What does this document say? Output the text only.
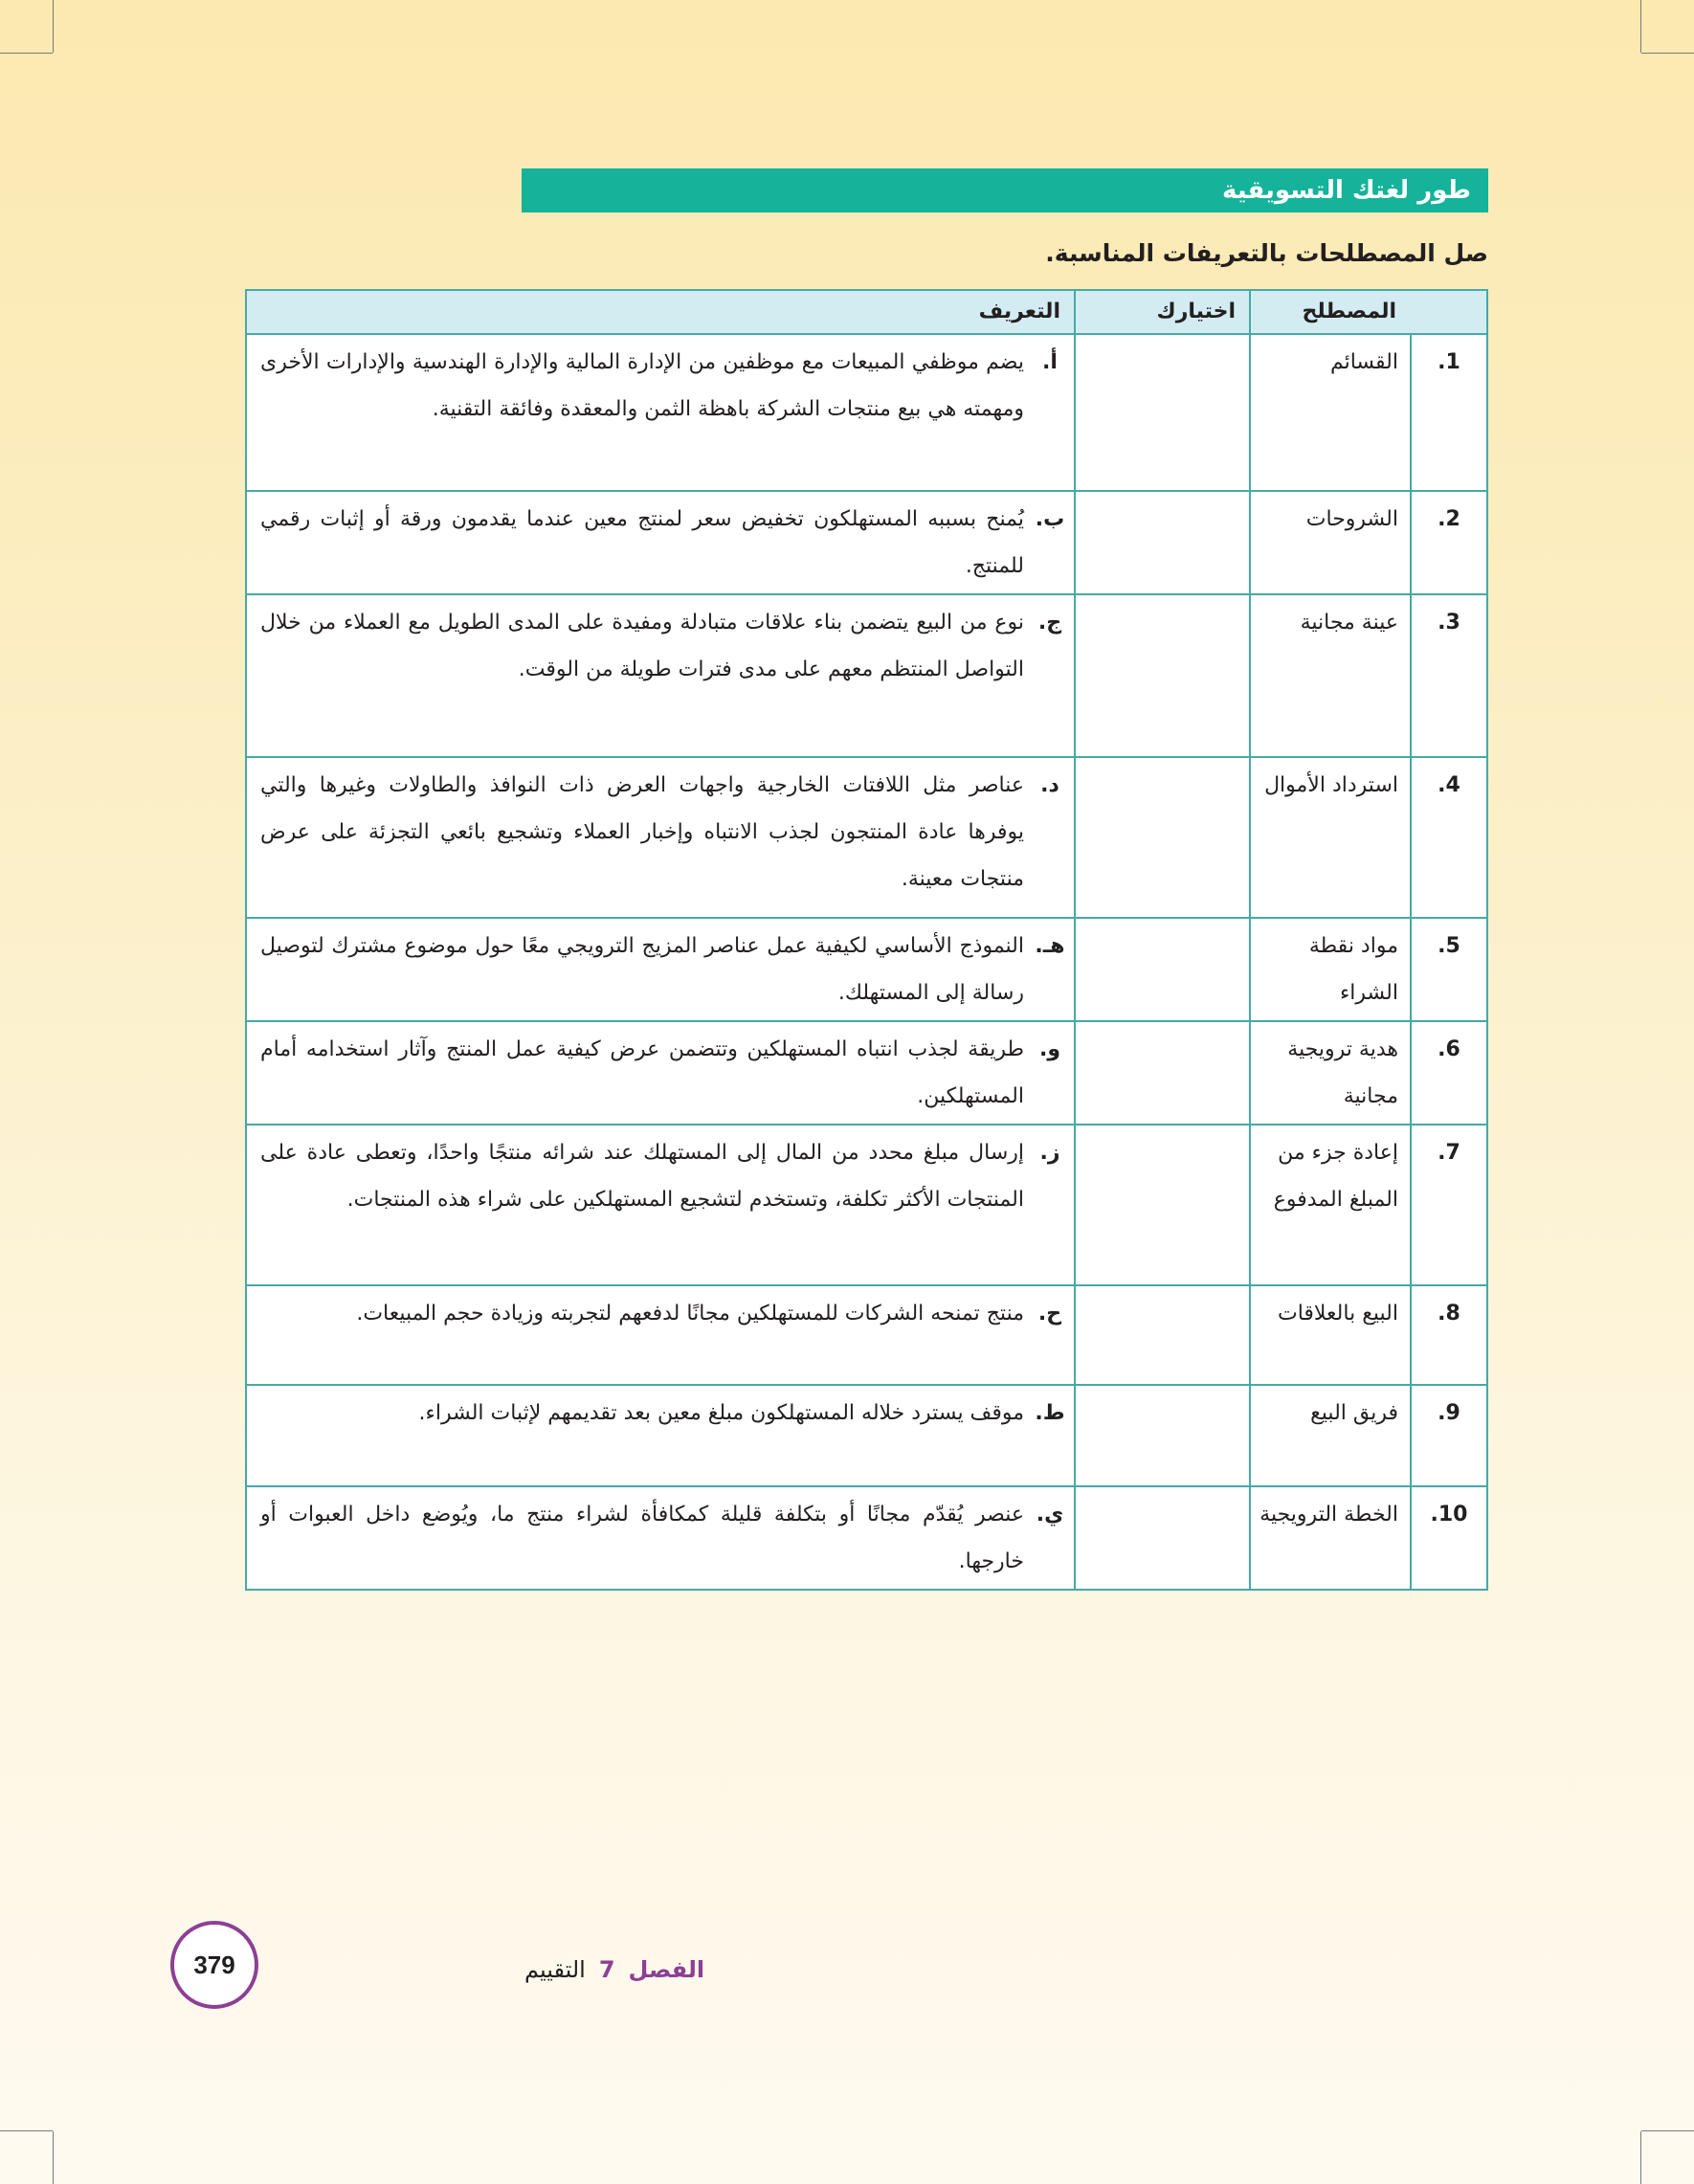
طور لغتك التسويقية
صل المصطلحات بالتعريفات المناسبة.
المصطلح		اختيارك	التعريف
1.	القسائم		أ.
يضم موظفي المبيعات مع موظفين من الإدارة المالية والإدارة الهندسية والإدارات الأخرى ومهمته هي بيع منتجات الشركة باهظة الثمن والمعقدة وفائقة التقنية.

2.	الشروحات		ب.
يُمنح بسببه المستهلكون تخفيض سعر لمنتج معين عندما يقدمون ورقة أو إثبات رقمي للمنتج.

3.	عينة مجانية		ج.
نوع من البيع يتضمن بناء علاقات متبادلة ومفيدة على المدى الطويل مع العملاء من خلال التواصل المنتظم معهم على مدى فترات طويلة من الوقت.

4.	استرداد الأموال		د.
عناصر مثل اللافتات الخارجية واجهات العرض ذات النوافذ والطاولات وغيرها والتي يوفرها عادة المنتجون لجذب الانتباه وإخبار العملاء وتشجيع بائعي التجزئة على عرض منتجات معينة.

5.	مواد نقطة الشراء		هـ.
النموذج الأساسي لكيفية عمل عناصر المزيج الترويجي معًا حول موضوع مشترك لتوصيل رسالة إلى المستهلك.

6.	هدية ترويجية مجانية		و.
طريقة لجذب انتباه المستهلكين وتتضمن عرض كيفية عمل المنتج وآثار استخدامه أمام المستهلكين.

7.	إعادة جزء من المبلغ المدفوع		ز.
إرسال مبلغ محدد من المال إلى المستهلك عند شرائه منتجًا واحدًا، وتعطى عادة على المنتجات الأكثر تكلفة، وتستخدم لتشجيع المستهلكين على شراء هذه المنتجات.

8.	البيع بالعلاقات		ح.
منتج تمنحه الشركات للمستهلكين مجانًا لدفعهم لتجربته وزيادة حجم المبيعات.

9.	فريق البيع		ط.
موقف يسترد خلاله المستهلكون مبلغ معين بعد تقديمهم لإثبات الشراء.

10.	الخطة الترويجية		ي.
عنصر يُقدّم مجانًا أو بتكلفة قليلة كمكافأة لشراء منتج ما، ويُوضع داخل العبوات أو خارجها.
الفصل
7
التقييم
379
